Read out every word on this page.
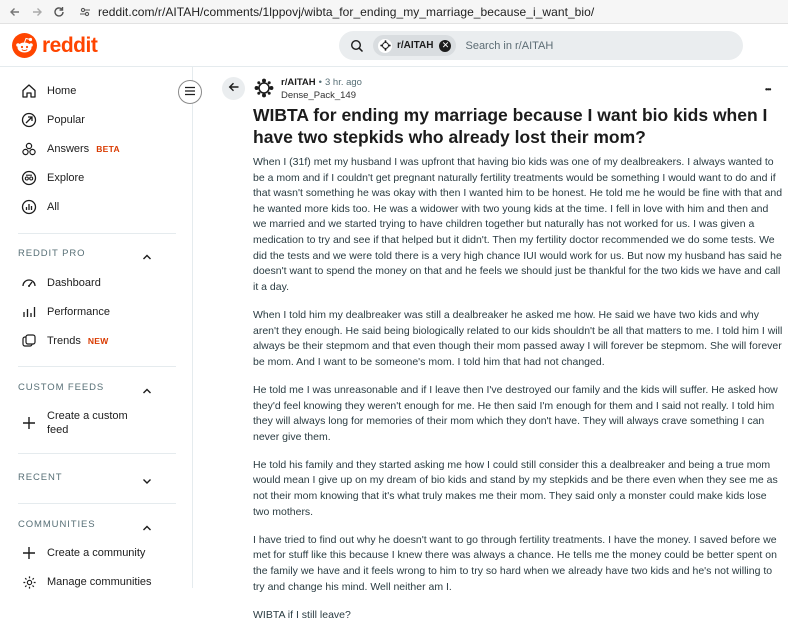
reddit.com/r/AITAH/comments/1lppovj/wibta_for_ending_my_marriage_because_i_want_bio/
reddit	r/AITAH ✕ Search in r/AITAH
Home
Popular
Answers BETA
Explore
All
REDDIT PRO
Dashboard
Performance
Trends NEW
CUSTOM FEEDS
Create a custom
feed
RECENT
COMMUNITIES
Create a community
Manage communities
r/AITAH • 3 hr. ago
Dense_Pack_149
•••
WIBTA for ending my marriage because I want bio kids when I have two stepkids who already lost their mom?

When I (31f) met my husband I was upfront that having bio kids was one of my dealbreakers. I always wanted to be a mom and if I couldn't get pregnant naturally fertility treatments would be something I would want to do and if that wasn't something he was okay with then I wanted him to be honest. He told me he would be fine with that and he wanted more kids too. He was a widower with two young kids at the time. I fell in love with him and then and we married and we started trying to have children together but naturally has not worked for us. I was given a medication to try and see if that helped but it didn't. Then my fertility doctor recommended we do some tests. We did the tests and we were told there is a very high chance IUI would work for us. But now my husband has said he doesn't want to spend the money on that and he feels we should just be thankful for the two kids we have and call it a day.

When I told him my dealbreaker was still a dealbreaker he asked me how. He said we have two kids and why aren't they enough. He said being biologically related to our kids shouldn't be all that matters to me. I told him I will always be their stepmom and that even though their mom passed away I will forever be stepmom. She will forever be mom. And I want to be someone's mom. I told him that had not changed.

He told me I was unreasonable and if I leave then I've destroyed our family and the kids will suffer. He asked how they'd feel knowing they weren't enough for me. He then said I'm enough for them and I said not really. I told him they will always long for memories of their mom which they don't have. They will always crave something I can never give them.

He told his family and they started asking me how I could still consider this a dealbreaker and being a true mom would mean I give up on my dream of bio kids and stand by my stepkids and be there even when they see me as not their mom knowing that it's what truly makes me their mom. They said only a monster could make kids lose two mothers.

I have tried to find out why he doesn't want to go through fertility treatments. I have the money. I saved before we met for stuff like this because I knew there was always a chance. He tells me the money could be better spent on the family we have and it feels wrong to him to try so hard when we already have two kids and he's not willing to try and change his mind. Well neither am I.

WIBTA if I still leave?
